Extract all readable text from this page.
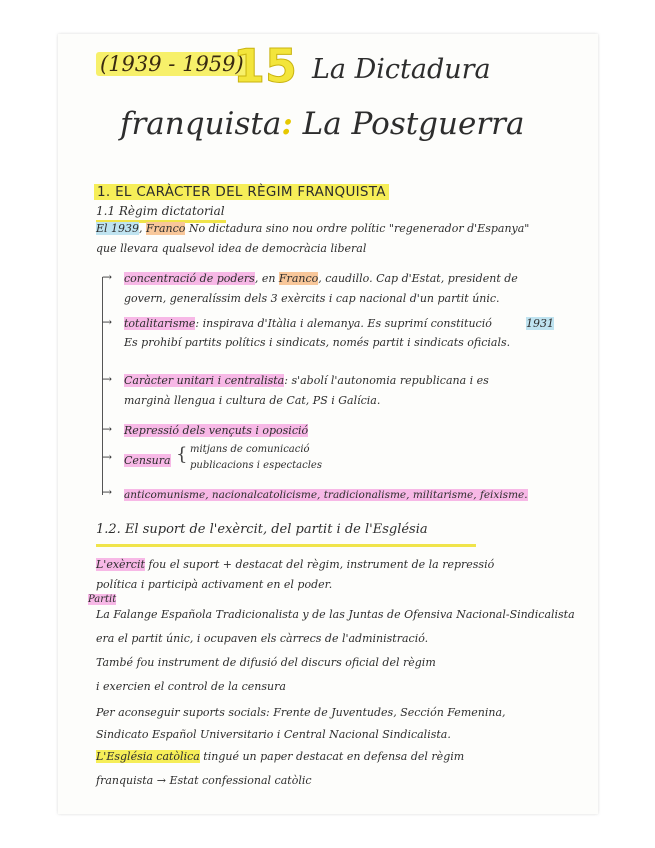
(1939 - 1959)
15 La Dictadura
franquista: La Postguerra
1. EL CARÀCTER DEL RÈGIM FRANQUISTA
1.1 Règim dictatorial
El 1939, Franco No dictadura sino nou ordre polític "regenerador d'Espanya"
que llevara qualsevol idea de democràcia liberal
→ concentració de poders, en Franco, caudillo. Cap d'Estat, president de
govern, generalíssim dels 3 exèrcits i cap nacional d'un partit únic.
→ totalitarisme: inspirava d'Itàlia i alemanya. Es suprimí constitució
Es prohibí partits polítics i sindicats, només partit i sindicats oficials.
1931
→ Caràcter unitari i centralista: s'abolí l'autonomia republicana i es
marginà llengua i cultura de Cat, PS i Galícia.
→ Repressió dels vençuts i oposició
→ Censura { mitjans de comunicació
publicacions i espectacles
→ anticomunisme, nacionalcatolicisme, tradicionalisme, militarisme, feixisme.
1.2. El suport de l'exèrcit, del partit i de l'Església
L'exèrcit fou el suport + destacat del règim, instrument de la repressió
política i participà activament en el poder.
Partit
La Falange Española Tradicionalista y de las Juntas de Ofensiva Nacional-Sindicalista
era el partit únic, i ocupaven els càrrecs de l'administració.
També fou instrument de difusió del discurs oficial del règim
i exercien el control de la censura
Per aconseguir suports socials: Frente de Juventudes, Sección Femenina,
Sindicato Español Universitario i Central Nacional Sindicalista.
L'Església catòlica tingué un paper destacat en defensa del règim
franquista → Estat confessional catòlic
